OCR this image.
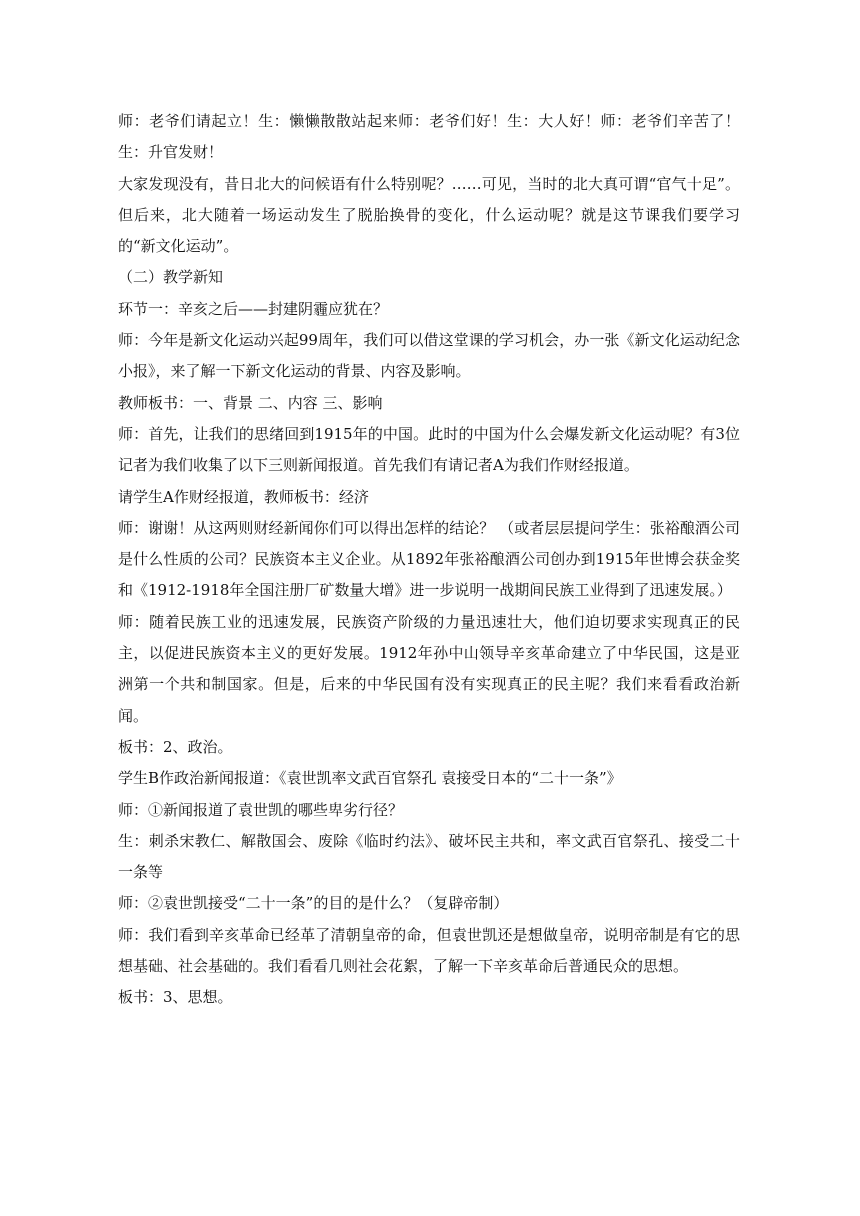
师：老爷们请起立！生：懒懒散散站起来师：老爷们好！生：大人好！师：老爷们辛苦了！生：升官发财！

大家发现没有，昔日北大的问候语有什么特别呢？……可见，当时的北大真可谓“官气十足”。但后来，北大随着一场运动发生了脱胎换骨的变化，什么运动呢？就是这节课我们要学习的“新文化运动”。

（二）教学新知

环节一：辛亥之后——封建阴霾应犹在？

师：今年是新文化运动兴起99周年，我们可以借这堂课的学习机会，办一张《新文化运动纪念小报》，来了解一下新文化运动的背景、内容及影响。

教师板书：一、背景 二、内容 三、影响

师：首先，让我们的思绪回到1915年的中国。此时的中国为什么会爆发新文化运动呢？有3位记者为我们收集了以下三则新闻报道。首先我们有请记者A为我们作财经报道。

请学生A作财经报道，教师板书：经济

师：谢谢！从这两则财经新闻你们可以得出怎样的结论？ （或者层层提问学生：张裕酿酒公司是什么性质的公司？民族资本主义企业。从1892年张裕酿酒公司创办到1915年世博会获金奖和《1912-1918年全国注册厂矿数量大增》进一步说明一战期间民族工业得到了迅速发展。）

师：随着民族工业的迅速发展，民族资产阶级的力量迅速壮大，他们迫切要求实现真正的民主，以促进民族资本主义的更好发展。1912年孙中山领导辛亥革命建立了中华民国，这是亚洲第一个共和制国家。但是，后来的中华民国有没有实现真正的民主呢？我们来看看政治新闻。

板书：2、政治。

学生B作政治新闻报道：《袁世凯率文武百官祭孔 袁接受日本的“二十一条”》

师：①新闻报道了袁世凯的哪些卑劣行径？

生：刺杀宋教仁、解散国会、废除《临时约法》、破坏民主共和，率文武百官祭孔、接受二十一条等

师：②袁世凯接受“二十一条”的目的是什么？（复辟帝制）

师：我们看到辛亥革命已经革了清朝皇帝的命，但袁世凯还是想做皇帝，说明帝制是有它的思想基础、社会基础的。我们看看几则社会花絮，了解一下辛亥革命后普通民众的思想。

板书：3、思想。
